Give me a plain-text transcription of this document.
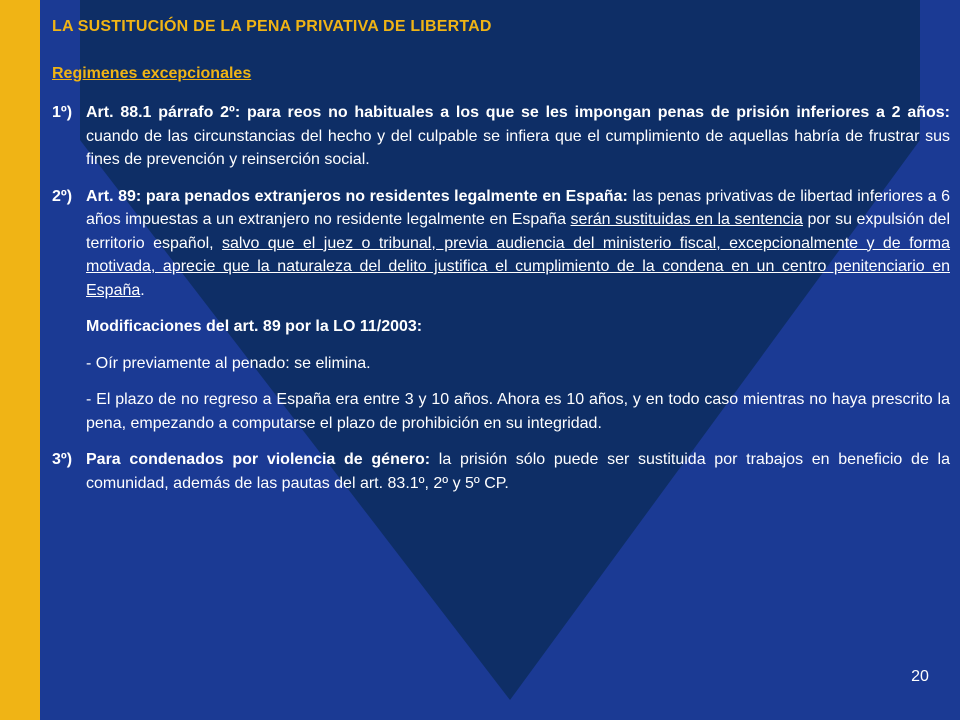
LA SUSTITUCIÓN DE LA PENA PRIVATIVA DE LIBERTAD

Regimenes excepcionales

1º) Art. 88.1 párrafo 2º: para reos no habituales a los que se les impongan penas de prisión inferiores a 2 años: cuando de las circunstancias del hecho y del culpable se infiera que el cumplimiento de aquellas habría de frustrar sus fines de prevención y reinserción social.

2º) Art. 89: para penados extranjeros no residentes legalmente en España: las penas privativas de libertad inferiores a 6 años impuestas a un extranjero no residente legalmente en España serán sustituidas en la sentencia por su expulsión del territorio español, salvo que el juez o tribunal, previa audiencia del ministerio fiscal, excepcionalmente y de forma motivada, aprecie que la naturaleza del delito justifica el cumplimiento de la condena en un centro penitenciario en España.

Modificaciones del art. 89 por la LO 11/2003:

- Oír previamente al penado: se elimina.

- El plazo de no regreso a España era entre 3 y 10 años. Ahora es 10 años, y en todo caso mientras no haya prescrito la pena, empezando a computarse el plazo de prohibición en su integridad.

3º) Para condenados por violencia de género: la prisión sólo puede ser sustituida por trabajos en beneficio de la comunidad, además de las pautas del art. 83.1º, 2º y 5º CP.

20
